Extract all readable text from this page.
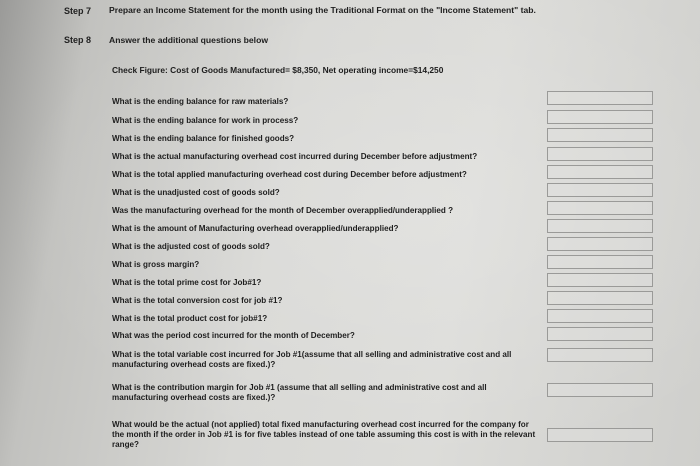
Step 7 Prepare an Income Statement for the month using the Traditional Format on the "Income Statement" tab.
Step 8 Answer the additional questions below
Check Figure: Cost of Goods Manufactured= $8,350, Net operating income=$14,250
What is the ending balance for raw materials?
What is the ending balance for work in process?
What is the ending balance for finished goods?
What is the actual manufacturing overhead cost incurred during December before adjustment?
What is the total applied manufacturing overhead cost during December before adjustment?
What is the unadjusted cost of goods sold?
Was the manufacturing overhead for the month of December overapplied/underapplied ?
What is the amount of Manufacturing overhead overapplied/underapplied?
What is the adjusted cost of goods sold?
What is gross margin?
What is the total prime cost for Job#1?
What is the total conversion cost for job #1?
What is the total product cost for job#1?
What was the period cost incurred for the month of December?
What is the total variable cost incurred for Job #1(assume that all selling and administrative cost and all manufacturing overhead costs are fixed.)?
What is the contribution margin for Job #1 (assume that all selling and administrative cost and all manufacturing overhead costs are fixed.)?
What would be the actual (not applied) total fixed manufacturing overhead cost incurred for the company for the month if the order in Job #1 is for five tables instead of one table assuming this cost is with in the relevant range?
